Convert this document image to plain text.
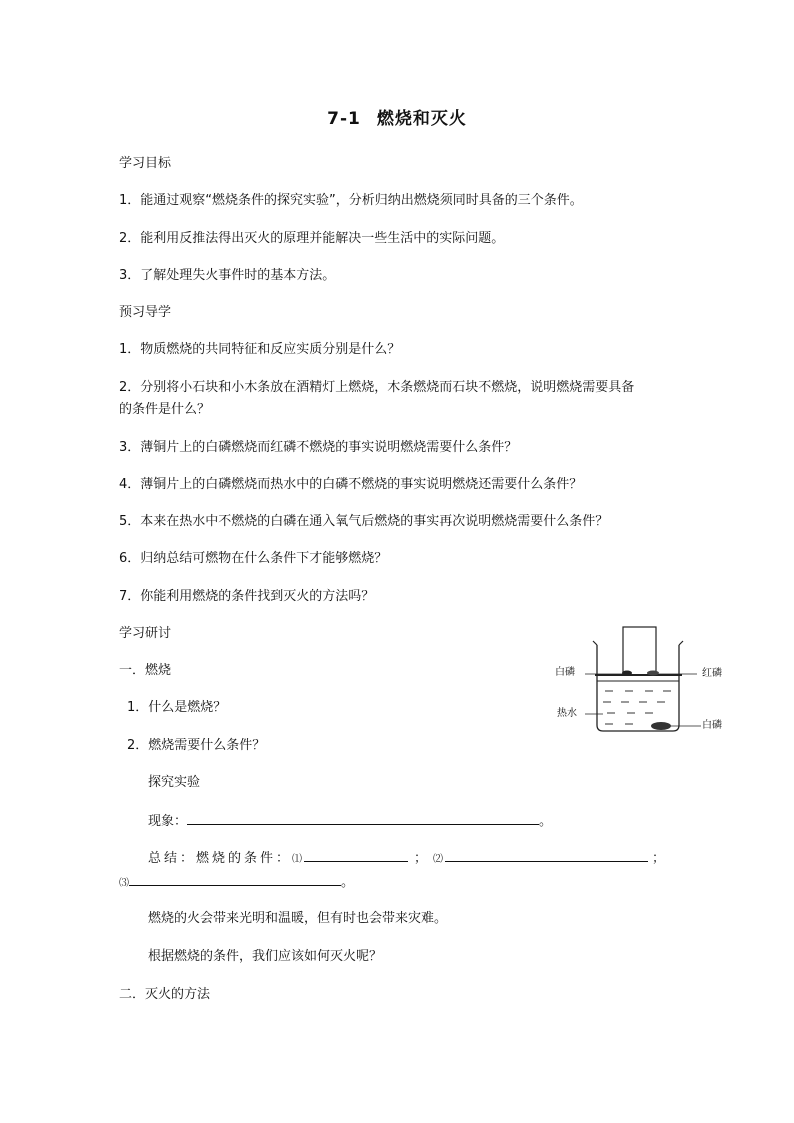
7-1 燃烧和灭火
学习目标
1．能通过观察“燃烧条件的探究实验”，分析归纳出燃烧须同时具备的三个条件。
2．能利用反推法得出灭火的原理并能解决一些生活中的实际问题。
3．了解处理失火事件时的基本方法。
预习导学
1．物质燃烧的共同特征和反应实质分别是什么？
2．分别将小石块和小木条放在酒精灯上燃烧，木条燃烧而石块不燃烧，说明燃烧需要具备
的条件是什么？
3．薄铜片上的白磷燃烧而红磷不燃烧的事实说明燃烧需要什么条件？
4．薄铜片上的白磷燃烧而热水中的白磷不燃烧的事实说明燃烧还需要什么条件？
5．本来在热水中不燃烧的白磷在通入氧气后燃烧的事实再次说明燃烧需要什么条件？
6．归纳总结可燃物在什么条件下才能够燃烧？
7．你能利用燃烧的条件找到灭火的方法吗？
学习研讨
一．燃烧
1．什么是燃烧？
2．燃烧需要什么条件？
探究实验
现象：	。
总结：燃烧的条件：⑴	； ⑵	；
⑶	。
燃烧的火会带来光明和温暖，但有时也会带来灾难。
根据燃烧的条件，我们应该如何灭火呢？
二．灭火的方法
白磷	红磷
热水
白磷
